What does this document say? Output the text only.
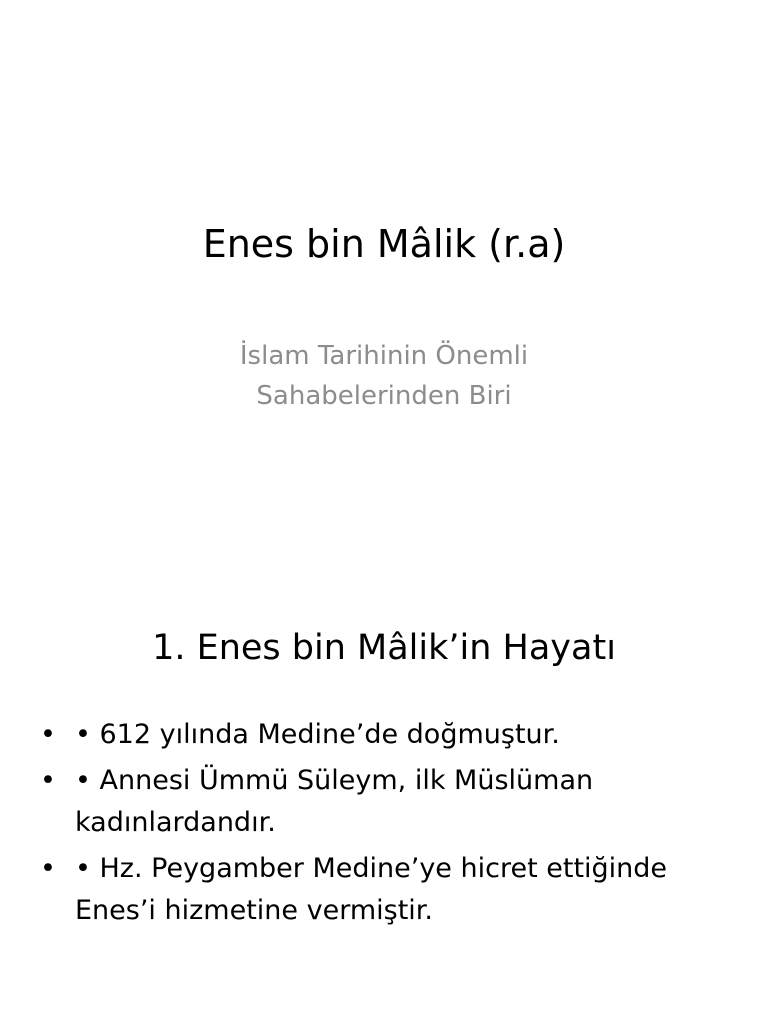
Enes bin Mâlik (r.a)
İslam Tarihinin Önemli
Sahabelerinden Biri
1. Enes bin Mâlik’in Hayatı
• • 612 yılında Medine’de doğmuştur.
• • Annesi Ümmü Süleym, ilk Müslüman kadınlardandır.
• • Hz. Peygamber Medine’ye hicret ettiğinde Enes’i hizmetine vermiştir.
